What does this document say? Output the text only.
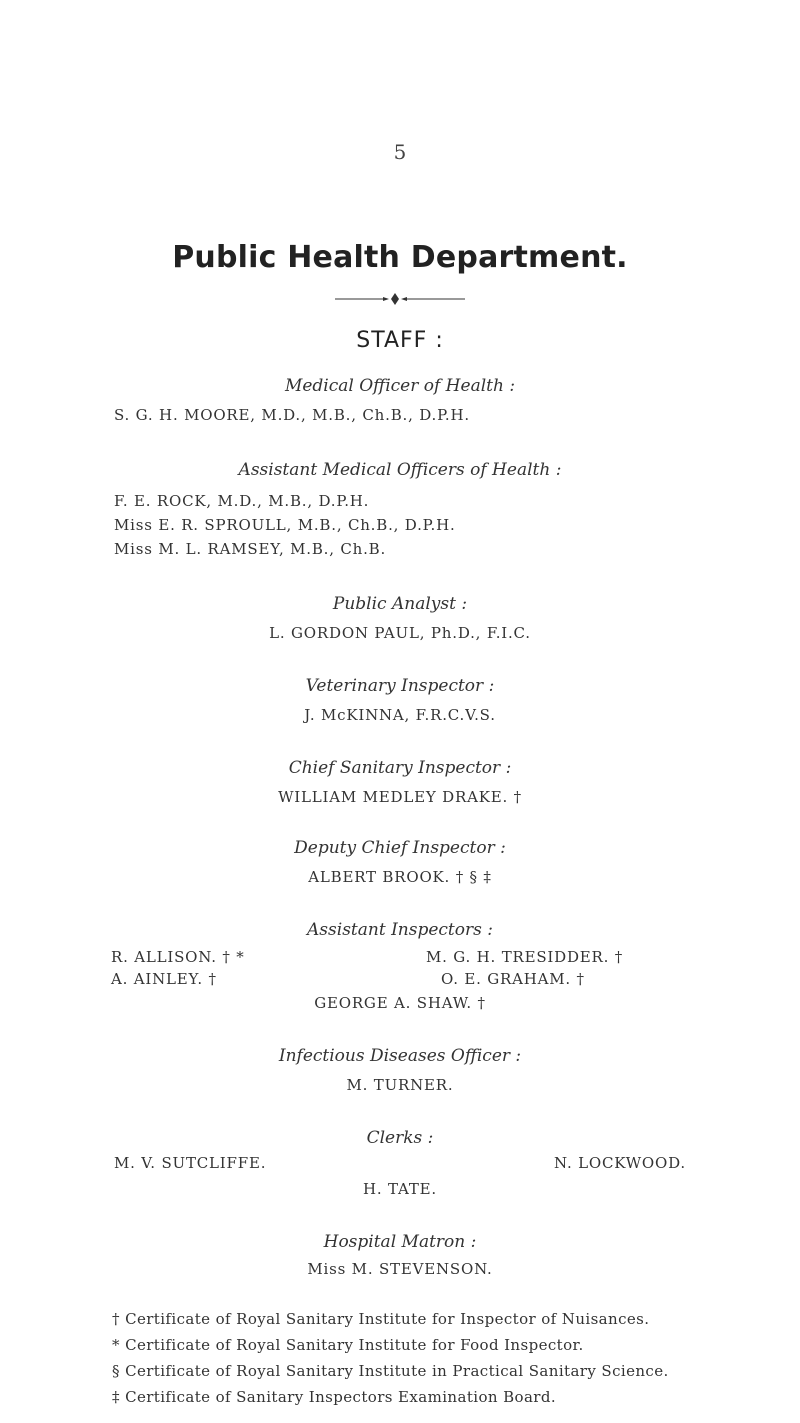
5
Public Health Department.
STAFF :
Medical Officer of Health :
S. G. H. MOORE, M.D., M.B., Ch.B., D.P.H.
Assistant Medical Officers of Health :
F. E. ROCK, M.D., M.B., D.P.H.
Miss E. R. SPROULL, M.B., Ch.B., D.P.H.
Miss M. L. RAMSEY, M.B., Ch.B.
Public Analyst :
L. GORDON PAUL, Ph.D., F.I.C.
Veterinary Inspector :
J. McKINNA, F.R.C.V.S.
Chief Sanitary Inspector :
WILLIAM MEDLEY DRAKE. †
Deputy Chief Inspector :
ALBERT BROOK. † § ‡
Assistant Inspectors :
R. ALLISON. † *	M. G. H. TRESIDDER. †
A. AINLEY. †	O. E. GRAHAM. †
GEORGE A. SHAW. †
Infectious Diseases Officer :
M. TURNER.
Clerks :
M. V. SUTCLIFFE.	N. LOCKWOOD.
H. TATE.
Hospital Matron :
Miss M. STEVENSON.
† Certificate of Royal Sanitary Institute for Inspector of Nuisances.
* Certificate of Royal Sanitary Institute for Food Inspector.
§ Certificate of Royal Sanitary Institute in Practical Sanitary Science.
‡ Certificate of Sanitary Inspectors Examination Board.
